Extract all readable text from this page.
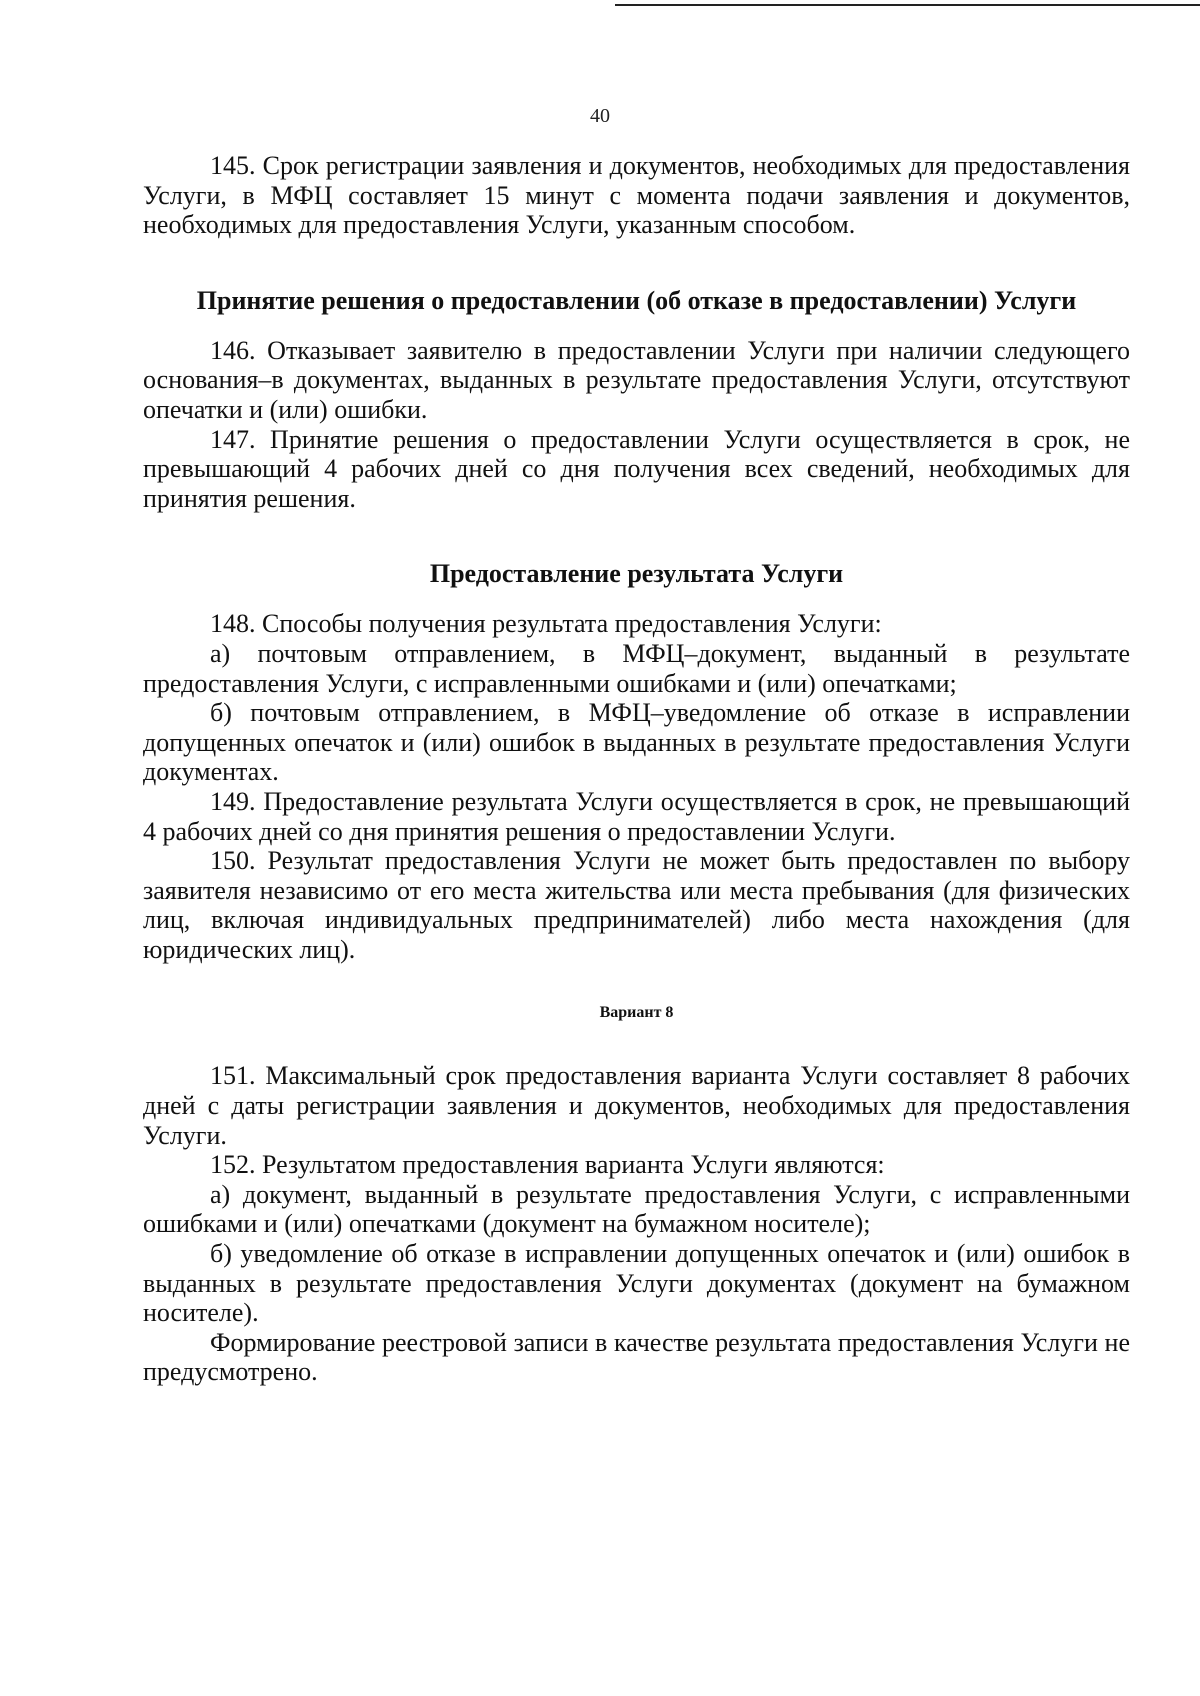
40

145. Срок регистрации заявления и документов, необходимых для предоставления Услуги, в МФЦ составляет 15 минут с момента подачи заявления и документов, необходимых для предоставления Услуги, указанным способом.

Принятие решения о предоставлении (об отказе в предоставлении) Услуги

146. Отказывает заявителю в предоставлении Услуги при наличии следующего основания–в документах, выданных в результате предоставления Услуги, отсутствуют опечатки и (или) ошибки.

147. Принятие решения о предоставлении Услуги осуществляется в срок, не превышающий 4 рабочих дней со дня получения всех сведений, необходимых для принятия решения.

Предоставление результата Услуги

148. Способы получения результата предоставления Услуги:

а) почтовым отправлением, в МФЦ–документ, выданный в результате предоставления Услуги, с исправленными ошибками и (или) опечатками;

б) почтовым отправлением, в МФЦ–уведомление об отказе в исправлении допущенных опечаток и (или) ошибок в выданных в результате предоставления Услуги документах.

149. Предоставление результата Услуги осуществляется в срок, не превышающий 4 рабочих дней со дня принятия решения о предоставлении Услуги.

150. Результат предоставления Услуги не может быть предоставлен по выбору заявителя независимо от его места жительства или места пребывания (для физических лиц, включая индивидуальных предпринимателей) либо места нахождения (для юридических лиц).

Вариант 8

151. Максимальный срок предоставления варианта Услуги составляет 8 рабочих дней с даты регистрации заявления и документов, необходимых для предоставления Услуги.

152. Результатом предоставления варианта Услуги являются:

а) документ, выданный в результате предоставления Услуги, с исправленными ошибками и (или) опечатками (документ на бумажном носителе);

б) уведомление об отказе в исправлении допущенных опечаток и (или) ошибок в выданных в результате предоставления Услуги документах (документ на бумажном носителе).

Формирование реестровой записи в качестве результата предоставления Услуги не предусмотрено.
